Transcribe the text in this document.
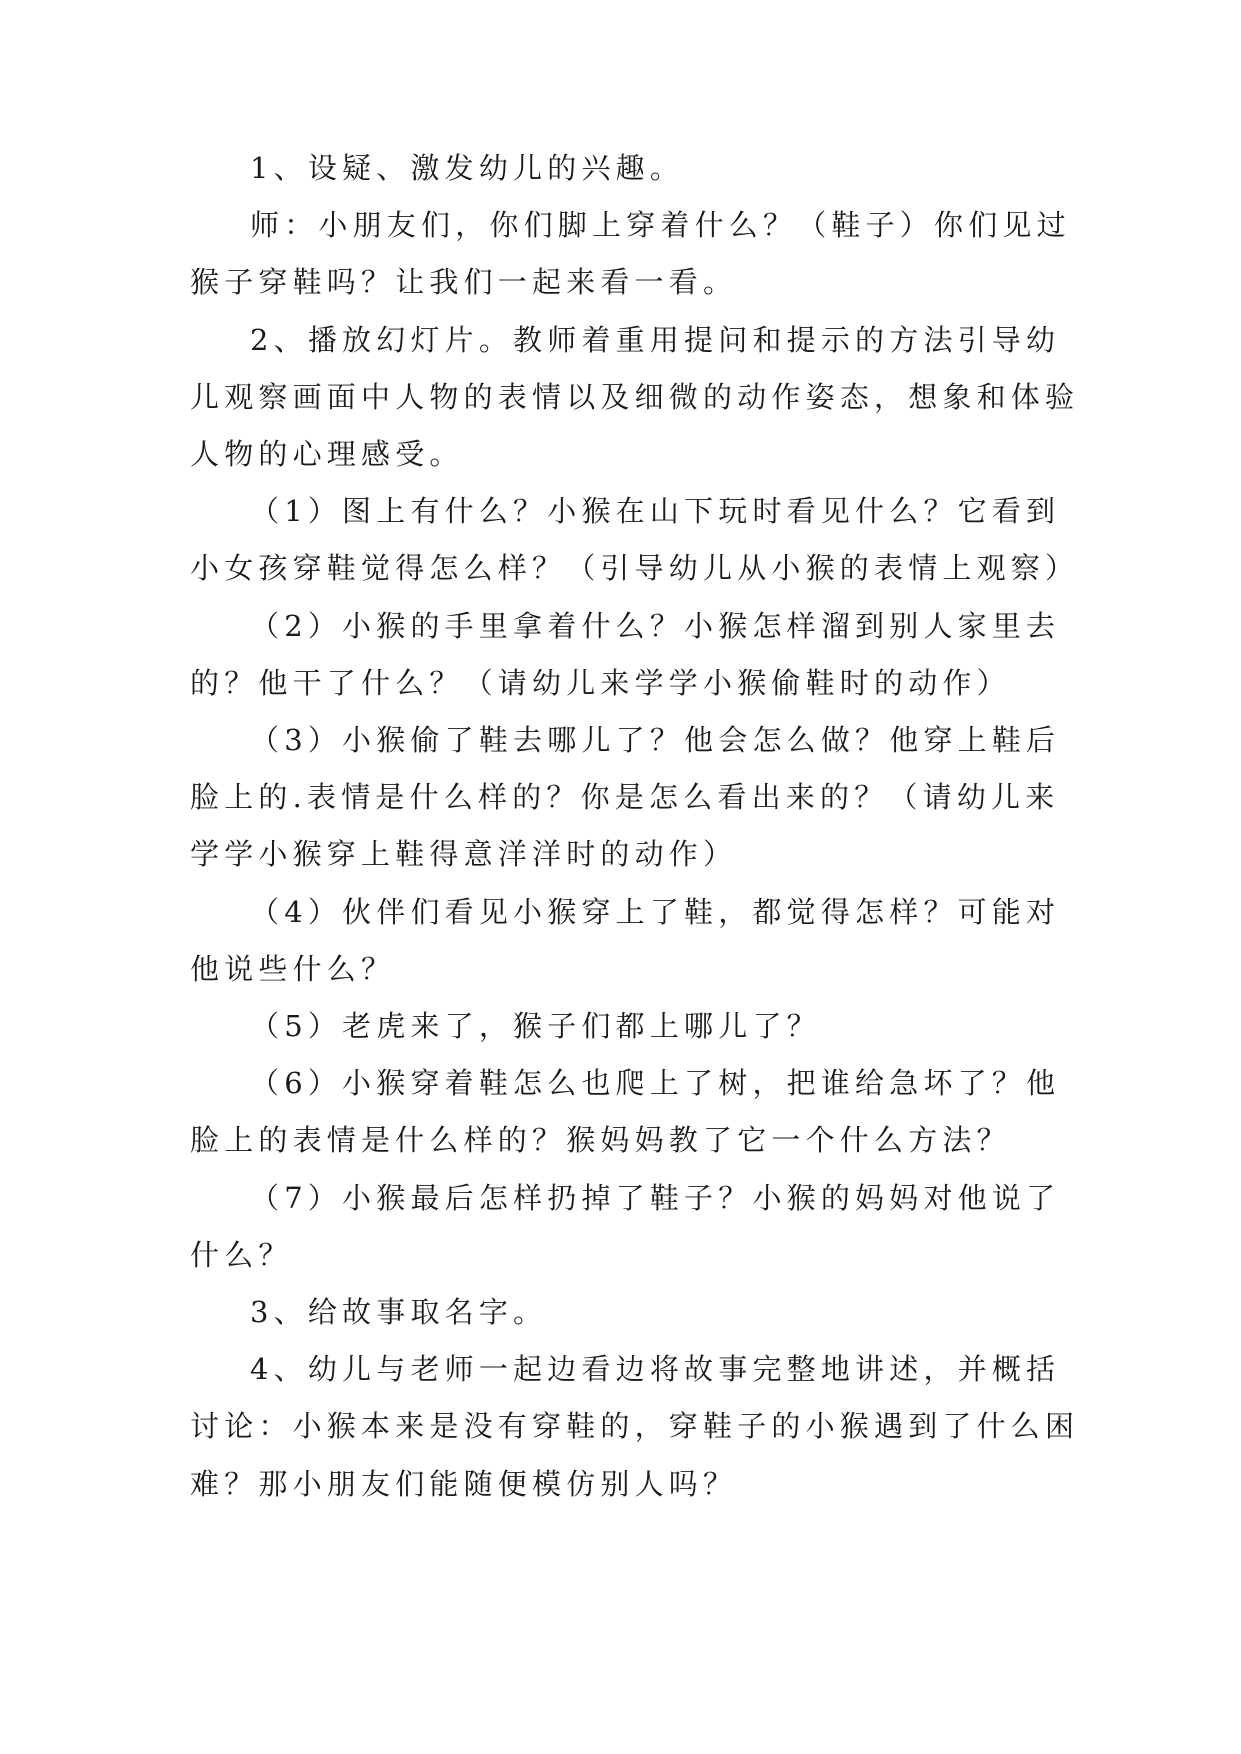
1、设疑、激发幼儿的兴趣。

师：小朋友们，你们脚上穿着什么？（鞋子）你们见过

猴子穿鞋吗？让我们一起来看一看。

2、播放幻灯片。教师着重用提问和提示的方法引导幼

儿观察画面中人物的表情以及细微的动作姿态，想象和体验

人物的心理感受。

（1）图上有什么？小猴在山下玩时看见什么？它看到

小女孩穿鞋觉得怎么样？（引导幼儿从小猴的表情上观察）

（2）小猴的手里拿着什么？小猴怎样溜到别人家里去

的？他干了什么？（请幼儿来学学小猴偷鞋时的动作）

（3）小猴偷了鞋去哪儿了？他会怎么做？他穿上鞋后

脸上的.表情是什么样的？你是怎么看出来的？（请幼儿来

学学小猴穿上鞋得意洋洋时的动作）

（4）伙伴们看见小猴穿上了鞋，都觉得怎样？可能对

他说些什么？

（5）老虎来了，猴子们都上哪儿了？

（6）小猴穿着鞋怎么也爬上了树，把谁给急坏了？他

脸上的表情是什么样的？猴妈妈教了它一个什么方法？

（7）小猴最后怎样扔掉了鞋子？小猴的妈妈对他说了

什么？

3、给故事取名字。

4、幼儿与老师一起边看边将故事完整地讲述，并概括

讨论：小猴本来是没有穿鞋的，穿鞋子的小猴遇到了什么困

难？那小朋友们能随便模仿别人吗？
